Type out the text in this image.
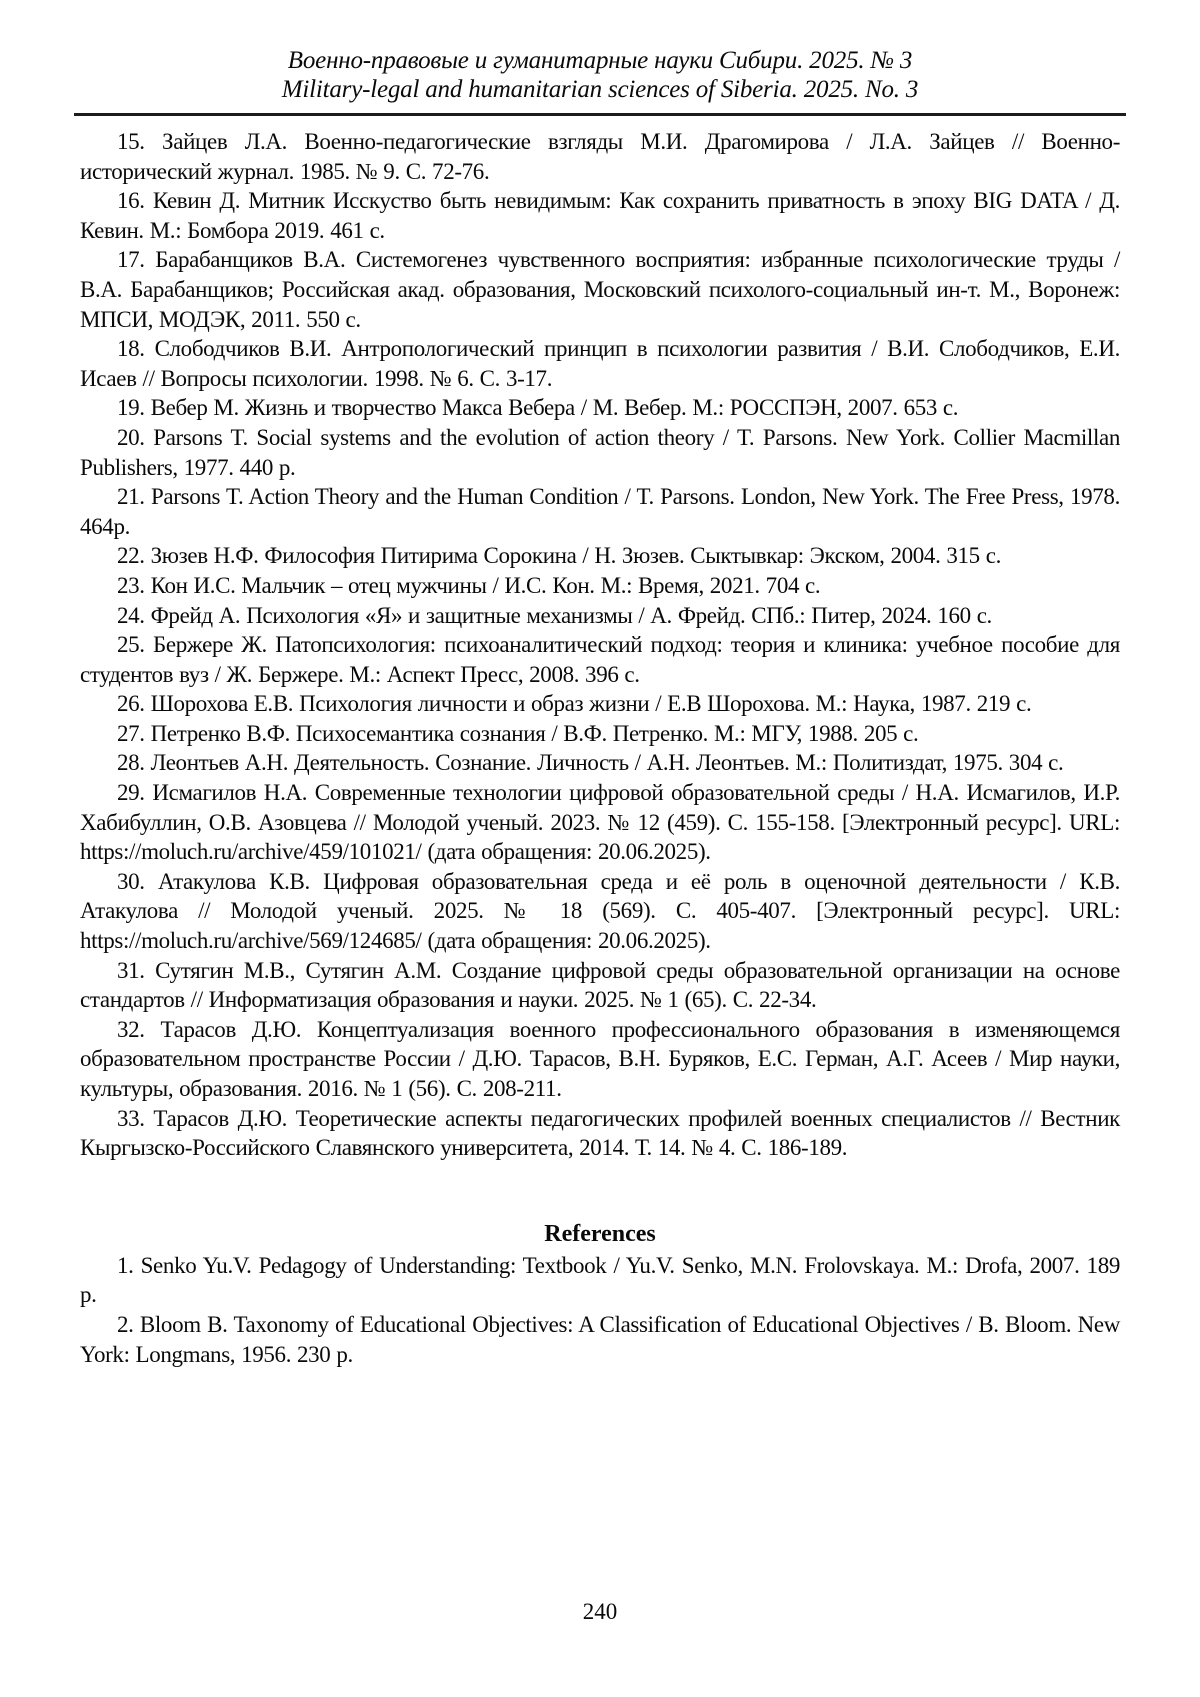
Военно-правовые и гуманитарные науки Сибири. 2025. № 3
Military-legal and humanitarian sciences of Siberia. 2025. No. 3

15. Зайцев Л.А. Военно-педагогические взгляды М.И. Драгомирова / Л.А. Зайцев // Военно-исторический журнал. 1985. № 9. С. 72-76.

16. Кевин Д. Митник Исскуство быть невидимым: Как сохранить приватность в эпоху BIG DATA / Д. Кевин. М.: Бомбора 2019. 461 с.

17. Барабанщиков В.А. Системогенез чувственного восприятия: избранные психологические труды / В.А. Барабанщиков; Российская акад. образования, Московский психолого-социальный ин-т. М., Воронеж: МПСИ, МОДЭК, 2011. 550 с.

18. Слободчиков В.И. Антропологический принцип в психологии развития / В.И. Слободчиков, Е.И. Исаев // Вопросы психологии. 1998. № 6. С. 3-17.

19. Вебер М. Жизнь и творчество Макса Вебера / М. Вебер. М.: РОССПЭН, 2007. 653 с.

20. Parsons T. Social systems and the evolution of action theory / T. Parsons. New York. Collier Macmillan Publishers, 1977. 440 p.

21. Parsons T. Action Theory and the Human Condition / T. Parsons. London, New York. The Free Press, 1978. 464p.

22. Зюзев Н.Ф. Философия Питирима Сорокина / Н. Зюзев. Сыктывкар: Экском, 2004. 315 с.

23. Кон И.С. Мальчик – отец мужчины / И.С. Кон. М.: Время, 2021. 704 с.

24. Фрейд А. Психология «Я» и защитные механизмы / А. Фрейд. СПб.: Питер, 2024. 160 с.

25. Бержере Ж. Патопсихология: психоаналитический подход: теория и клиника: учебное пособие для студентов вуз / Ж. Бержере. М.: Аспект Пресс, 2008. 396 с.

26. Шорохова Е.В. Психология личности и образ жизни / Е.В Шорохова. М.: Наука, 1987. 219 с.

27. Петренко В.Ф. Психосемантика сознания / В.Ф. Петренко. М.: МГУ, 1988. 205 с.

28. Леонтьев А.Н. Деятельность. Сознание. Личность / А.Н. Леонтьев. М.: Политиздат, 1975. 304 с.

29. Исмагилов Н.А. Современные технологии цифровой образовательной среды / Н.А. Исмагилов, И.Р. Хабибуллин, О.В. Азовцева // Молодой ученый. 2023. № 12 (459). С. 155-158. [Электронный ресурс]. URL: https://moluch.ru/archive/459/101021/ (дата обращения: 20.06.2025).

30. Атакулова К.В. Цифровая образовательная среда и её роль в оценочной деятельности / К.В. Атакулова // Молодой ученый. 2025. № 18 (569). С. 405-407. [Электронный ресурс]. URL: https://moluch.ru/archive/569/124685/ (дата обращения: 20.06.2025).

31. Сутягин М.В., Сутягин А.М. Создание цифровой среды образовательной организации на основе стандартов // Информатизация образования и науки. 2025. № 1 (65). С. 22-34.

32. Тарасов Д.Ю. Концептуализация военного профессионального образования в изменяющемся образовательном пространстве России / Д.Ю. Тарасов, В.Н. Буряков, Е.С. Герман, А.Г. Асеев / Мир науки, культуры, образования. 2016. № 1 (56). С. 208-211.

33. Тарасов Д.Ю. Теоретические аспекты педагогических профилей военных специалистов // Вестник Кыргызско-Российского Славянского университета, 2014. Т. 14. № 4. С. 186-189.

References

1. Senko Yu.V. Pedagogy of Understanding: Textbook / Yu.V. Senko, M.N. Frolovskaya. М.: Drofa, 2007. 189 p.

2. Bloom B. Taxonomy of Educational Objectives: A Classification of Educational Objectives / B. Bloom. New York: Longmans, 1956. 230 p.

240
